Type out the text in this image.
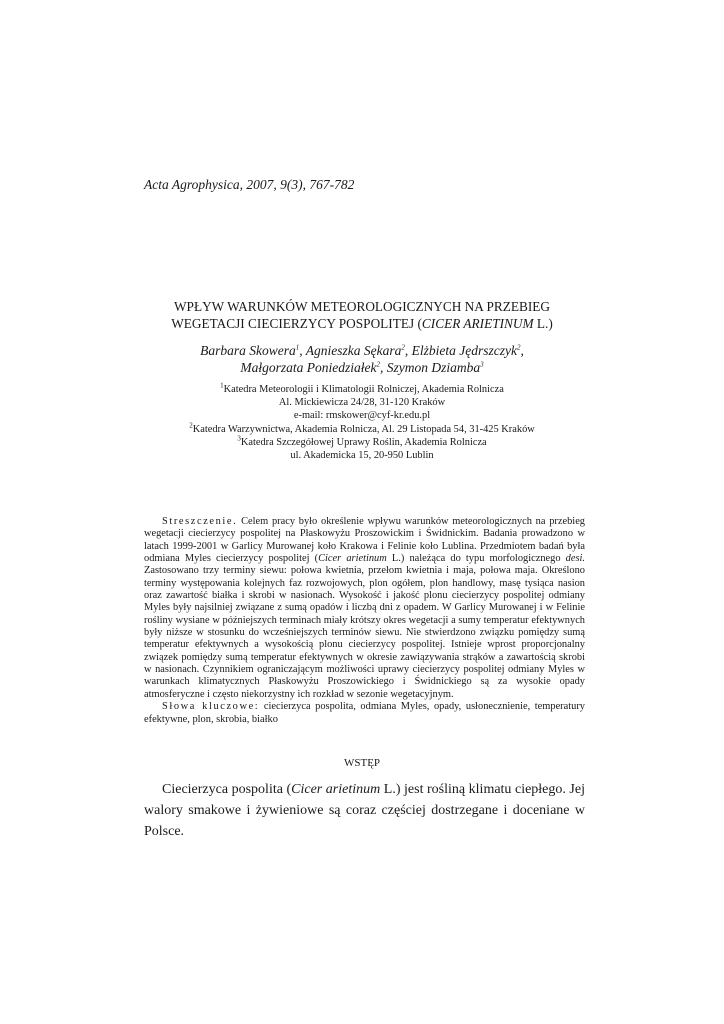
Acta Agrophysica, 2007, 9(3), 767-782
WPŁYW WARUNKÓW METEOROLOGICZNYCH NA PRZEBIEG
WEGETACJI CIECIERZYCY POSPOLITEJ (CICER ARIETINUM L.)
Barbara Skowera$^1$, Agnieszka Sękara$^2$, Elżbieta Jędrszczyk$^2$,
Małgorzata Poniedziałek$^2$, Szymon Dziamba$^3$
$^1$Katedra Meteorologii i Klimatologii Rolniczej, Akademia Rolnicza
Al. Mickiewicza 24/28, 31-120 Kraków
e-mail: rmskower@cyf-kr.edu.pl
$^2$Katedra Warzywnictwa, Akademia Rolnicza, Al. 29 Listopada 54, 31-425 Kraków
$^3$Katedra Szczegółowej Uprawy Roślin, Akademia Rolnicza
ul. Akademicka 15, 20-950 Lublin

Streszczenie. Celem pracy było określenie wpływu warunków meteorologicznych na przebieg wegetacji ciecierzycy pospolitej na Płaskowyżu Proszowickim i Świdnickim. Badania prowadzono w latach 1999-2001 w Garlicy Murowanej koło Krakowa i Felinie koło Lublina. Przedmiotem badań była odmiana Myles ciecierzycy pospolitej (Cicer arietinum L.) należąca do typu morfologicznego desi. Zastosowano trzy terminy siewu: połowa kwietnia, przełom kwietnia i maja, połowa maja. Określono terminy występowania kolejnych faz rozwojowych, plon ogółem, plon handlowy, masę tysiąca nasion oraz zawartość białka i skrobi w nasionach. Wysokość i jakość plonu ciecierzycy pospolitej odmiany Myles były najsilniej związane z sumą opadów i liczbą dni z opadem. W Garlicy Murowanej i w Felinie rośliny wysiane w późniejszych terminach miały krótszy okres wegetacji a sumy temperatur efektywnych były niższe w stosunku do wcześniejszych terminów siewu. Nie stwierdzono związku pomiędzy sumą temperatur efektywnych a wysokością plonu ciecierzycy pospolitej. Istnieje wprost proporcjonalny związek pomiędzy sumą temperatur efektywnych w okresie zawiązywania strąków a zawartością skrobi w nasionach. Czynnikiem ograniczającym możliwości uprawy ciecierzycy pospolitej odmiany Myles w warunkach klimatycznych Płaskowyżu Proszowickiego i Świdnickiego są za wysokie opady atmosferyczne i często niekorzystny ich rozkład w sezonie wegetacyjnym.

Słowa kluczowe: ciecierzyca pospolita, odmiana Myles, opady, usłonecznienie, temperatury efektywne, plon, skrobia, białko

WSTĘP

Ciecierzyca pospolita (Cicer arietinum L.) jest rośliną klimatu ciepłego. Jej walory smakowe i żywieniowe są coraz częściej dostrzegane i doceniane w Polsce.
